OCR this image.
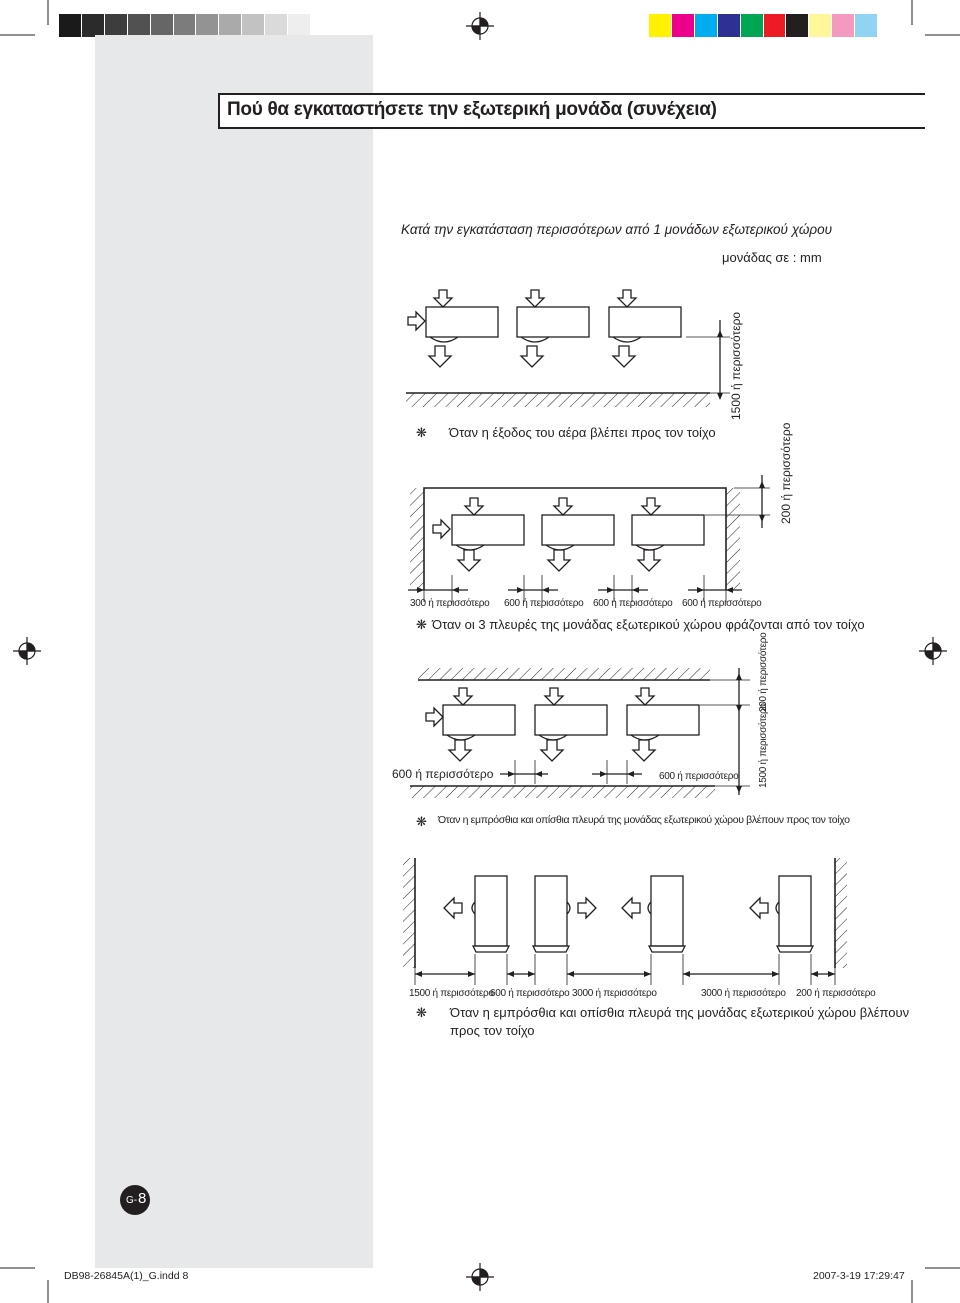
Πού θα εγκαταστήσετε την εξωτερική μονάδα (συνέχεια)
Κατά την εγκατάσταση περισσότερων από 1 μονάδων εξωτερικού χώρου
μονάδας σε : mm
❋ Όταν η έξοδος του αέρα βλέπει προς τον τοίχο
1500 ή περισσότερο
200 ή περισσότερο
300 ή περισσότερο 600 ή περισσότερο 600 ή περισσότερο 600 ή περισσότερο
❋ Όταν οι 3 πλευρές της μονάδας εξωτερικού χώρου φράζονται από τον τοίχο
600 ή περισσότερο	600 ή περισσότερο 1500 ή περισσότερο
200 ή περισσότερο
❋ Όταν η εμπρόσθια και οπίσθια πλευρά της μονάδας εξωτερικού χώρου βλέπουν προς τον τοίχο
1500 ή περισσότερο
600 ή περισσότερο 3000 ή περισσότερο	3000 ή περισσότερο 200 ή περισσότερο
❋ Όταν η εμπρόσθια και οπίσθια πλευρά της μονάδας εξωτερικού χώρου βλέπουν
προς τον τοίχο
G- 8
DB98-26845A(1)_G.indd 8	2007-3-19 17:29:47
